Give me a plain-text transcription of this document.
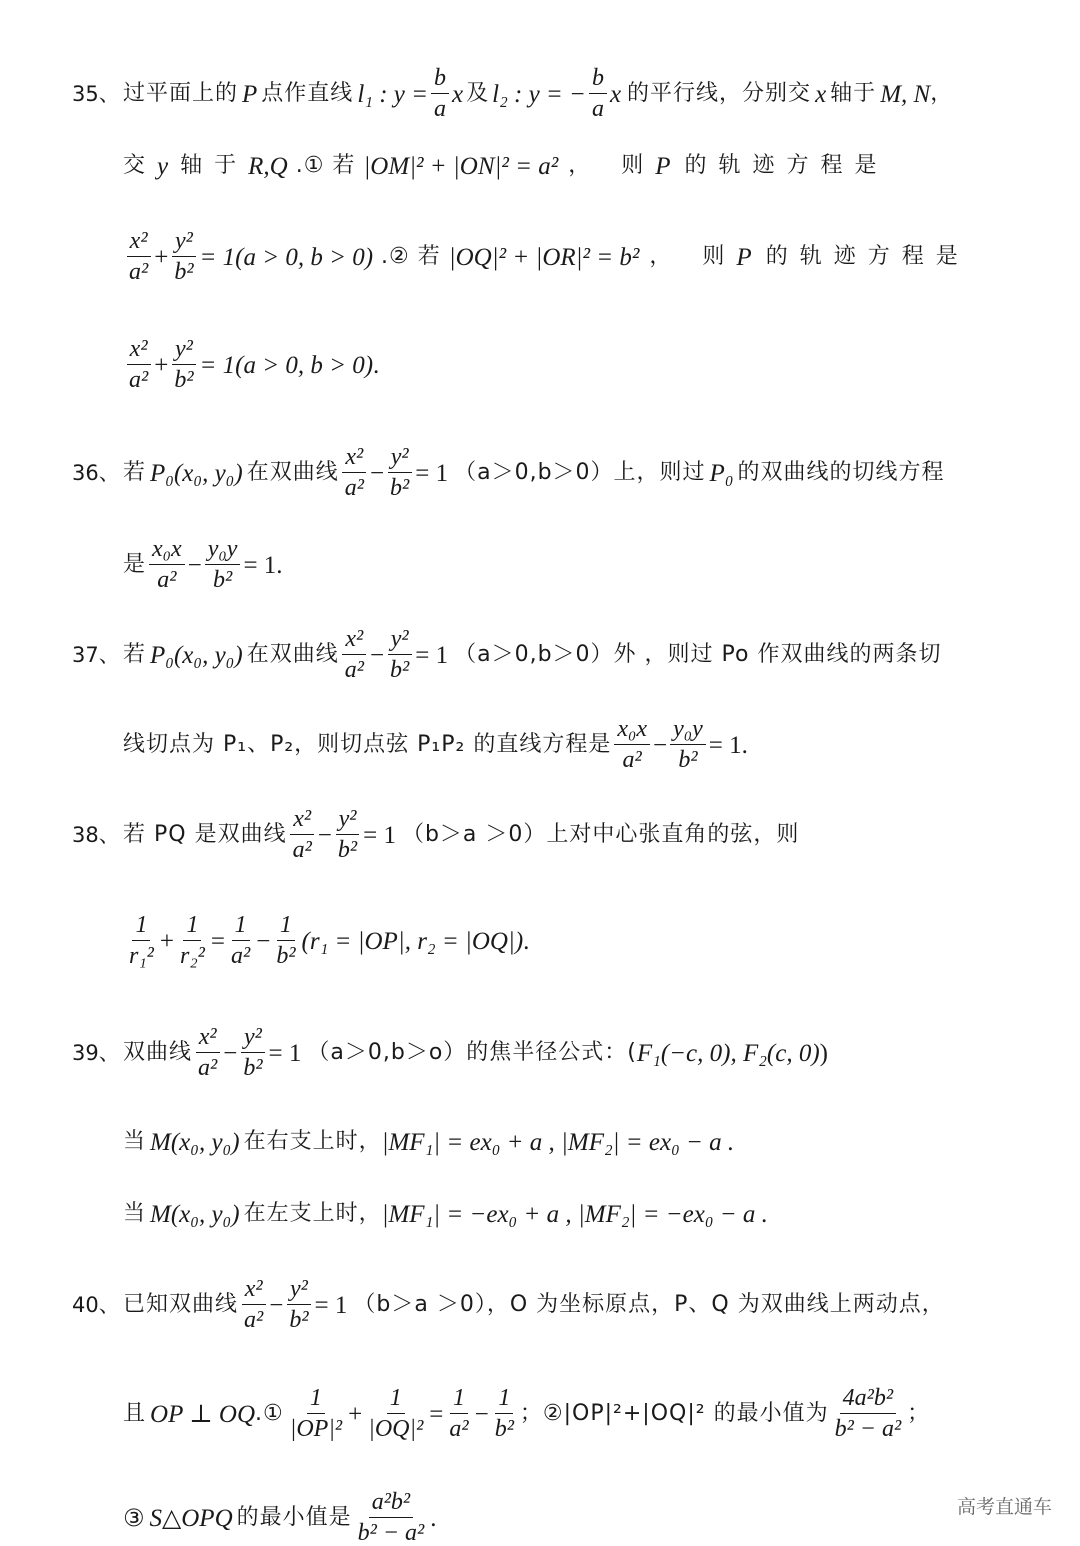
35、 过平面上的 P 点作直线 l₁ : $y = \frac{b}{a}$ x 及 l₂ : y = − $\frac{b}{a}$ x 的平行线，分别交 x 轴于 M, N ，
交 y 轴于 R,Q .① 若 |OM|² + |ON|² = a² ， 则 P 的轨迹方程是
$\frac{\text{x²}}{\text{a²}} + \frac{\text{y²}}{\text{b²}} = 1(a > 0$, b > 0) .② 若 |OQ|² + |OR|² = b² ， 则 P 的轨迹方程是
$\frac{\text{x²}}{\text{a²}} + \frac{\text{y²}}{\text{b²}} = 1(a > 0$, b > 0) .
36、 若 P₀(x₀, y₀) 在双曲线 $\frac{\text{x²}}{\text{a²}} - \frac{\text{y²}}{\text{b²}} = 1$ （a＞0,b＞0）上，则过 P₀ 的双曲线的切线方程
是 $\frac{\text{x₀x}}{\text{a²}} - \frac{\text{y₀y}}{\text{b²}} = 1$.
37、 若 P₀(x₀, y₀) 在双曲线 $\frac{\text{x²}}{\text{a²}} - \frac{\text{y²}}{\text{b²}} = 1$ （a＞0,b＞0）外 ，则过 Po 作双曲线的两条切
线切点为 P₁、P₂，则切点弦 P₁P₂ 的直线方程是 $\frac{\text{x₀x}}{\text{a²}} - \frac{\text{y₀y}}{\text{b²}} = 1$.
38、 若 PQ 是双曲线 $\frac{\text{x²}}{\text{a²}} - \frac{\text{y²}}{\text{b²}} = 1$ （b＞a ＞0）上对中心张直角的弦，则
$\frac{1}{\text{r₁²}} + \frac{1}{\text{r₂²}} = \frac{1}{\text{a²}} - \frac{1}{\text{b²}} (r_1 = |OP|$, r₂ = |OQ|) .
39、 双曲线 $\frac{\text{x²}}{\text{a²}} - \frac{\text{y²}}{\text{b²}} = 1$ （a＞0,b＞o）的焦半径公式：( F₁(−c, 0), F₂(c, 0) )
当 M(x₀, y₀) 在右支上时， |MF₁| = ex₀ + a , |MF₂| = ex₀ − a .
当 M(x₀, y₀) 在左支上时， |MF₁| = −ex₀ + a , |MF₂| = −ex₀ − a .
40、 已知双曲线 $\frac{\text{x²}}{\text{a²}} - \frac{\text{y²}}{\text{b²}} = 1$ （b＞a ＞0），O 为坐标原点，P、Q 为双曲线上两动点，
且 OP ⊥ OQ .① $\frac{1}{\text{|OP|²}} + \frac{1}{\text{|OQ|²}} = \frac{1}{\text{a²}} - \frac{1}{\text{b²}}$ ；②|OP|²+|OQ|² 的最小值为 $\frac{\text{4a²b²}}{\text{b² − a²}}$ ；
③ S△OPQ 的最小值是 $\frac{\text{a²b²}}{\text{b² − a²}}$ .	高考直通车
